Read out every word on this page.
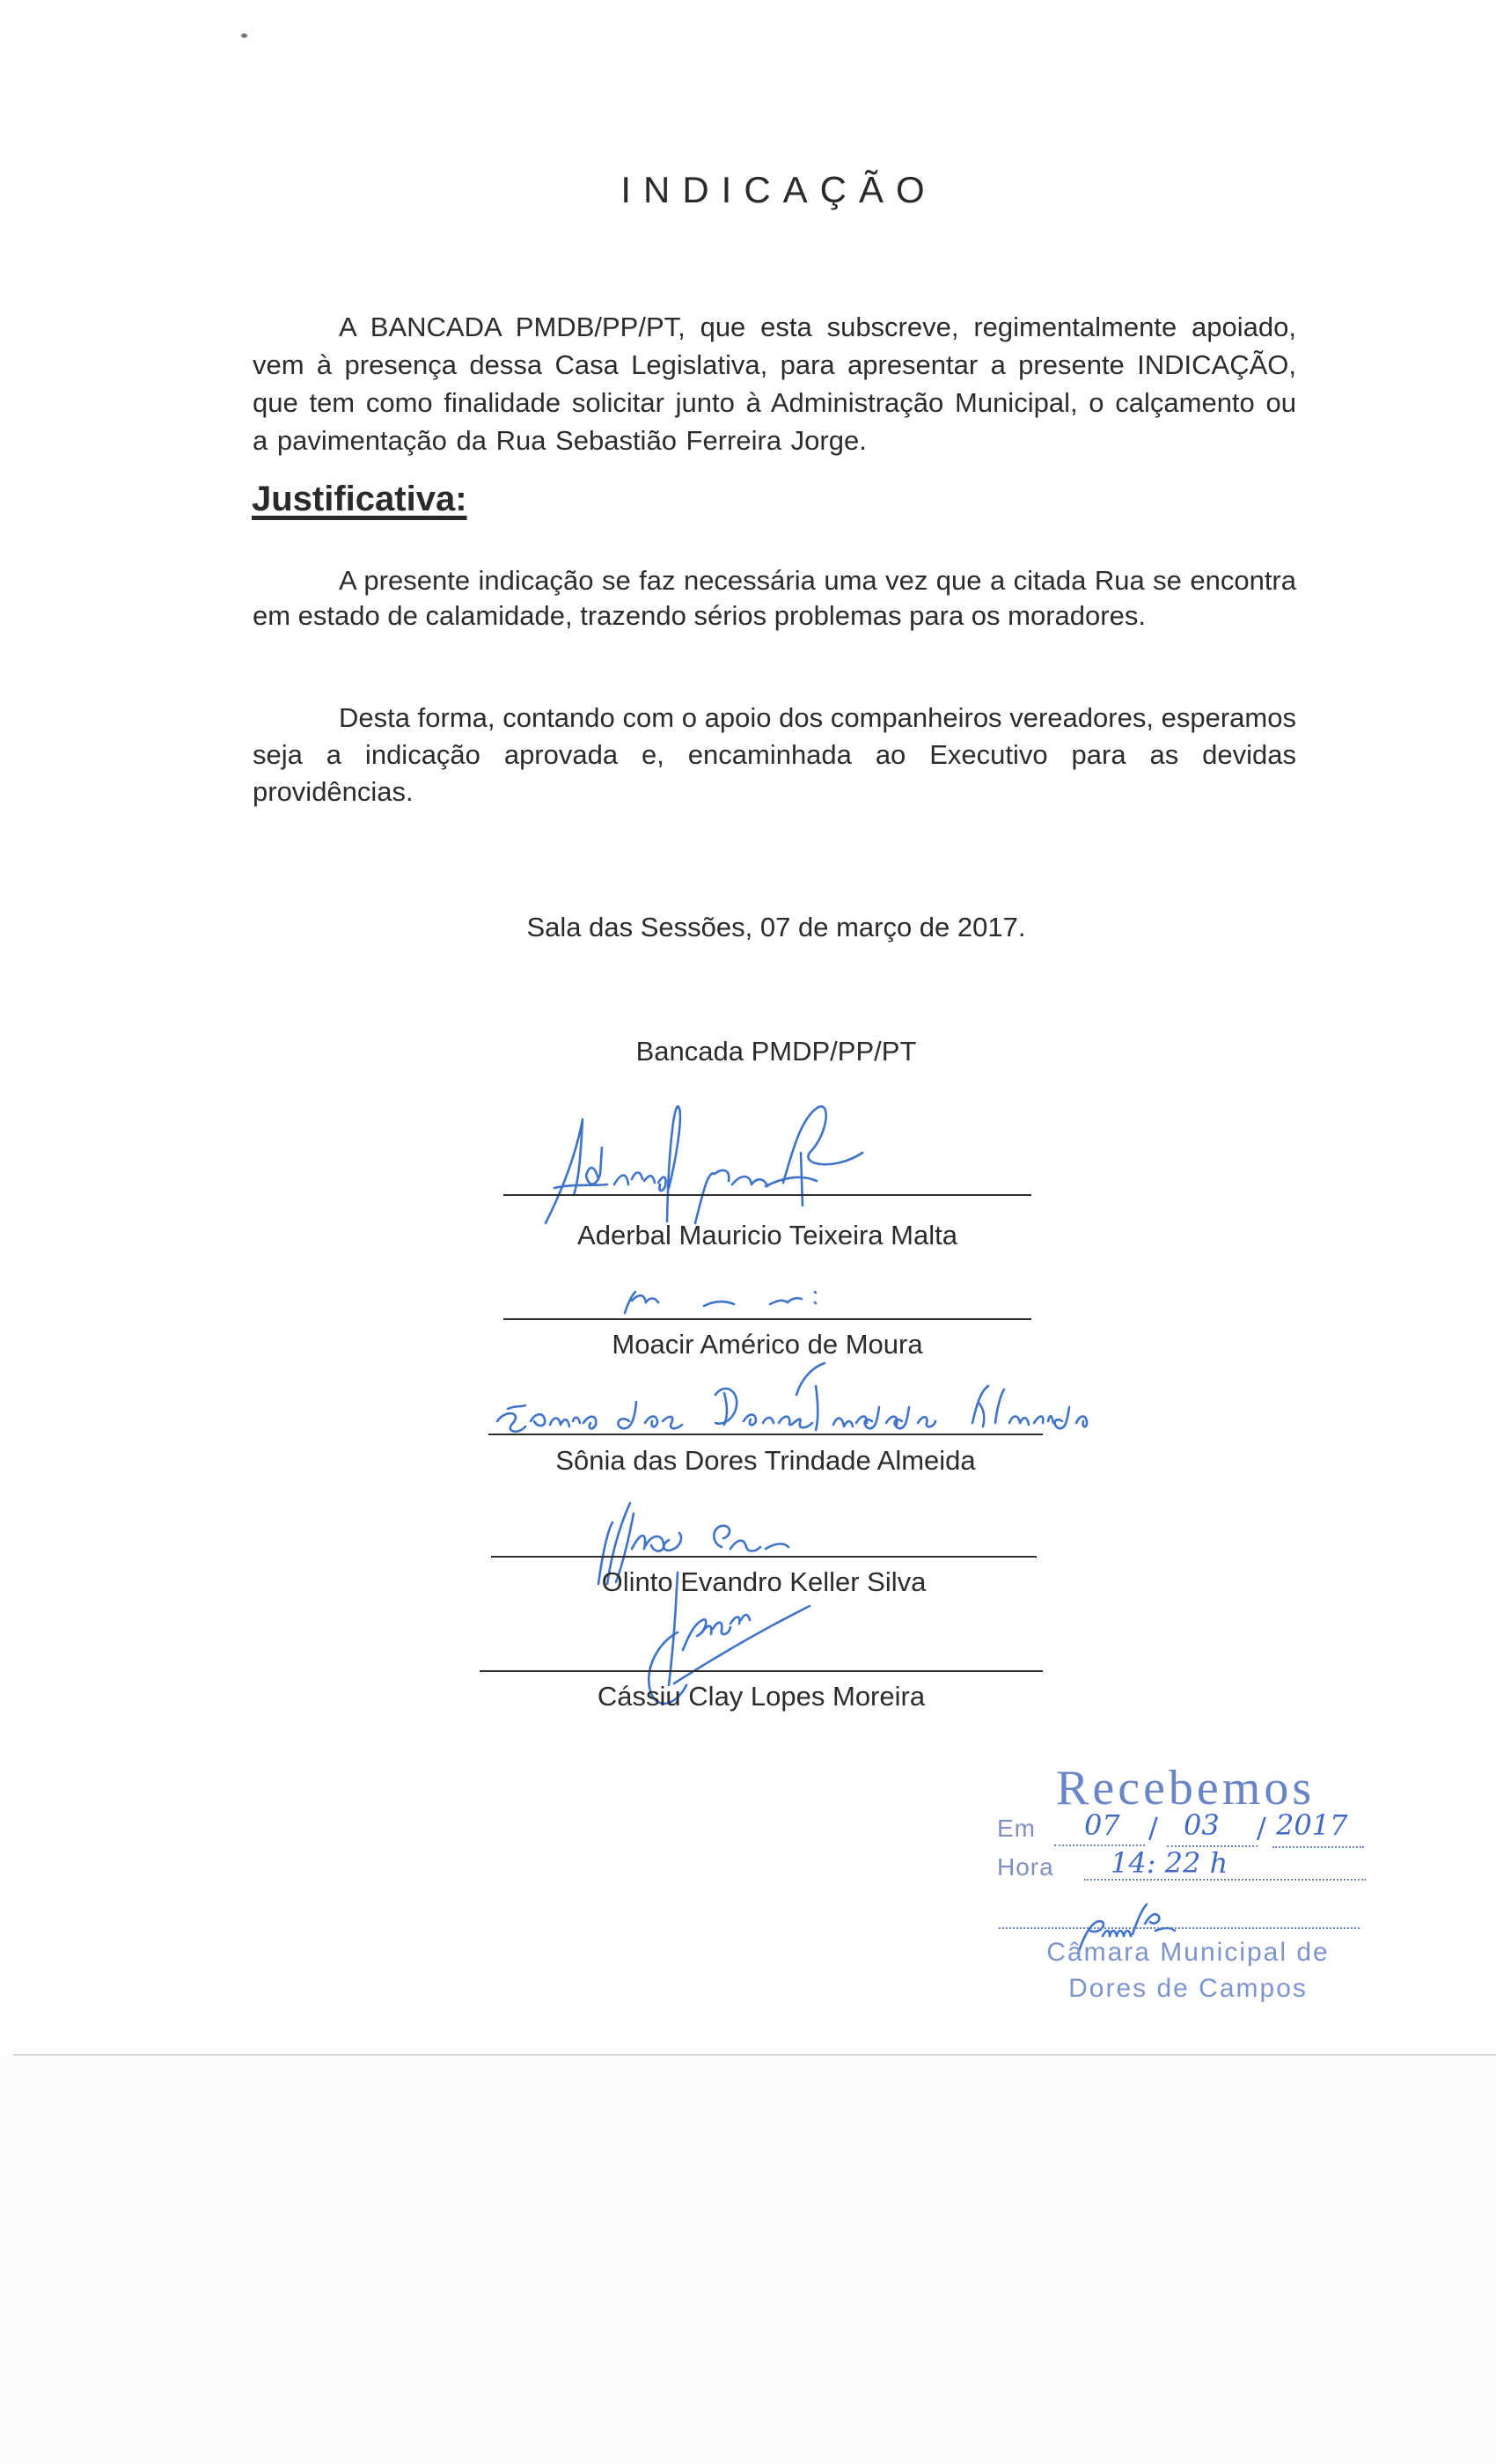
INDICAÇÃO
A BANCADA PMDB/PP/PT, que esta subscreve, regimentalmente apoiado, vem à presença dessa Casa Legislativa, para apresentar a presente INDICAÇÃO, que tem como finalidade solicitar junto à Administração Municipal, o calçamento ou a pavimentação da Rua Sebastião Ferreira Jorge.
Justificativa:
A presente indicação se faz necessária uma vez que a citada Rua se encontra em estado de calamidade, trazendo sérios problemas para os moradores.
Desta forma, contando com o apoio dos companheiros vereadores, esperamos seja a indicação aprovada e, encaminhada ao Executivo para as devidas providências.
Sala das Sessões, 07 de março de 2017.
Bancada PMDP/PP/PT
Aderbal Mauricio Teixeira Malta
Moacir Américo de Moura
Sônia das Dores Trindade Almeida
Olinto Evandro Keller Silva
Cássiu Clay Lopes Moreira
Recebemos
Em 07 / 03 / 2017
Hora 14: 22 h
Câmara Municipal de
Dores de Campos
